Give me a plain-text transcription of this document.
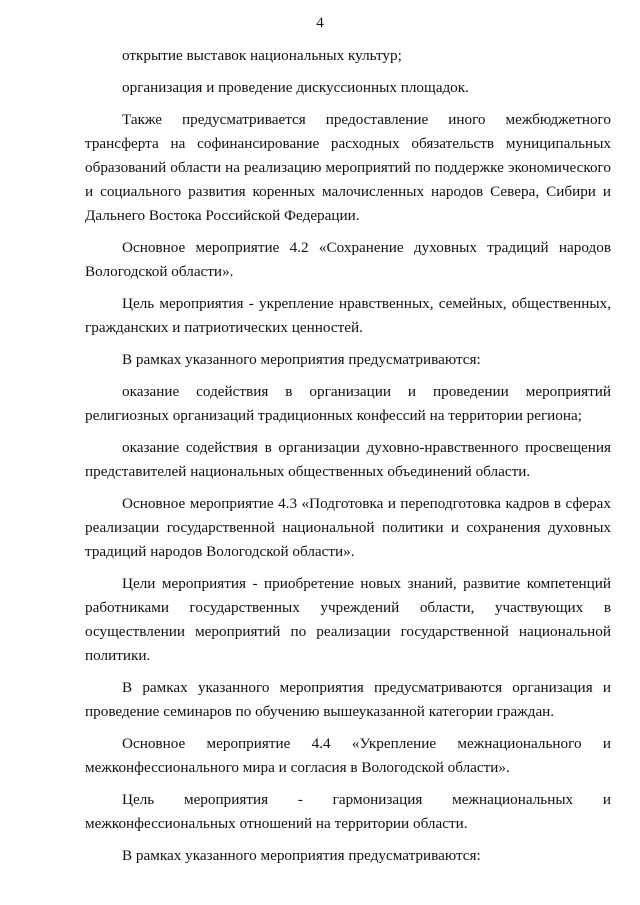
4

открытие выставок национальных культур;

организация и проведение дискуссионных площадок.

Также предусматривается предоставление иного межбюджетного трансферта на софинансирование расходных обязательств муниципальных образований области на реализацию мероприятий по поддержке экономического и социального развития коренных малочисленных народов Севера, Сибири и Дальнего Востока Российской Федерации.

Основное мероприятие 4.2 «Сохранение духовных традиций народов Вологодской области».

Цель мероприятия - укрепление нравственных, семейных, общественных, гражданских и патриотических ценностей.

В рамках указанного мероприятия предусматриваются:

оказание содействия в организации и проведении мероприятий религиозных организаций традиционных конфессий на территории региона;

оказание содействия в организации духовно-нравственного просвещения представителей национальных общественных объединений области.

Основное мероприятие 4.3 «Подготовка и переподготовка кадров в сферах реализации государственной национальной политики и сохранения духовных традиций народов Вологодской области».

Цели мероприятия - приобретение новых знаний, развитие компетенций работниками государственных учреждений области, участвующих в осуществлении мероприятий по реализации государственной национальной политики.

В рамках указанного мероприятия предусматриваются организация и проведение семинаров по обучению вышеуказанной категории граждан.

Основное мероприятие 4.4 «Укрепление межнационального и межконфессионального мира и согласия в Вологодской области».

Цель мероприятия - гармонизация межнациональных и межконфессиональных отношений на территории области.

В рамках указанного мероприятия предусматриваются:
